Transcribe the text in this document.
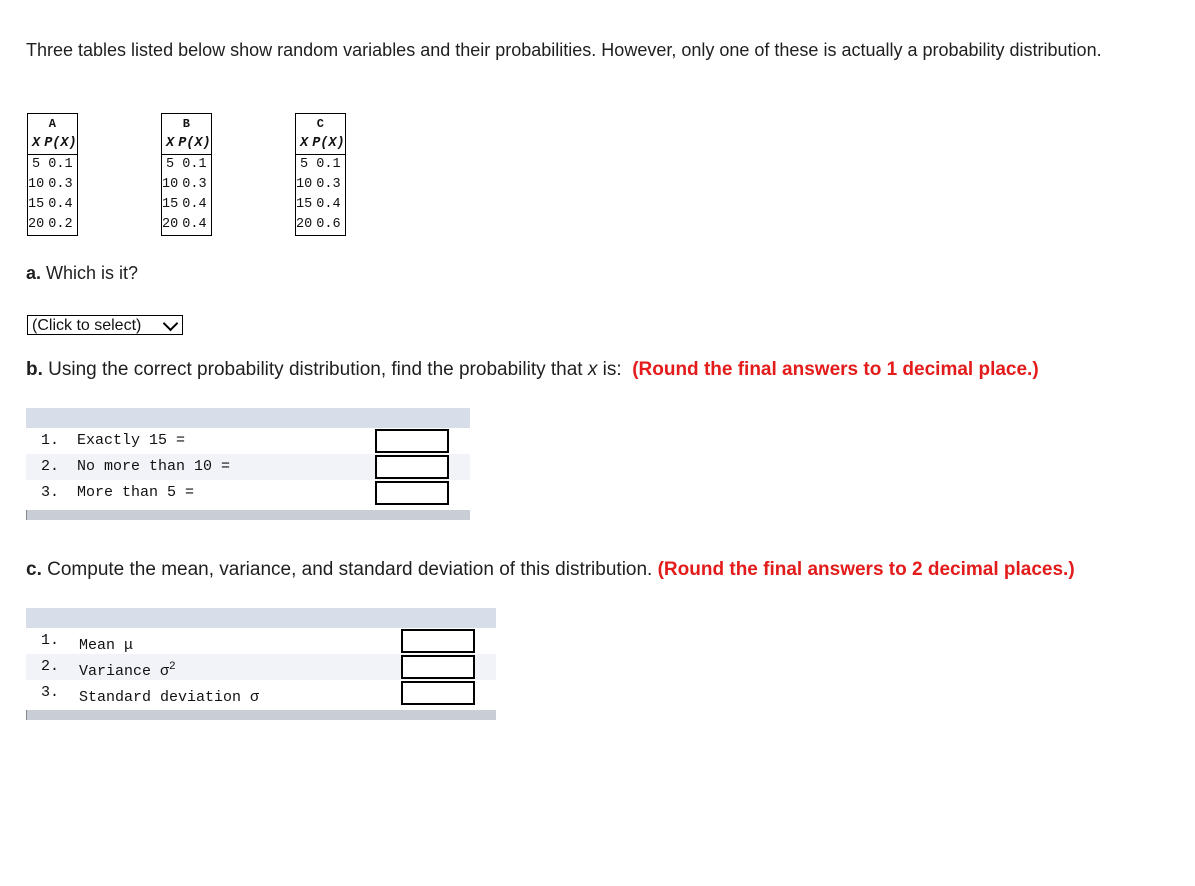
Three tables listed below show random variables and their probabilities. However, only one of these is actually a probability distribution.

A	
X	P(X)
5	0.1
10	0.3
15	0.4
20	0.2
B	
X	P(X)
5	0.1
10	0.3
15	0.4
20	0.4
C	
X	P(X)
5	0.1
10	0.3
15	0.4
20	0.6

a. Which is it?

(Click to select)

b. Using the correct probability distribution, find the probability that x is:  (Round the final answers to 1 decimal place.)

1. Exactly 15 =
2. No more than 10 =
3. More than 5 =

c. Compute the mean, variance, and standard deviation of this distribution. (Round the final answers to 2 decimal places.)

1. Mean μ
2. Variance $\sigma^2$
3. Standard deviation σ
